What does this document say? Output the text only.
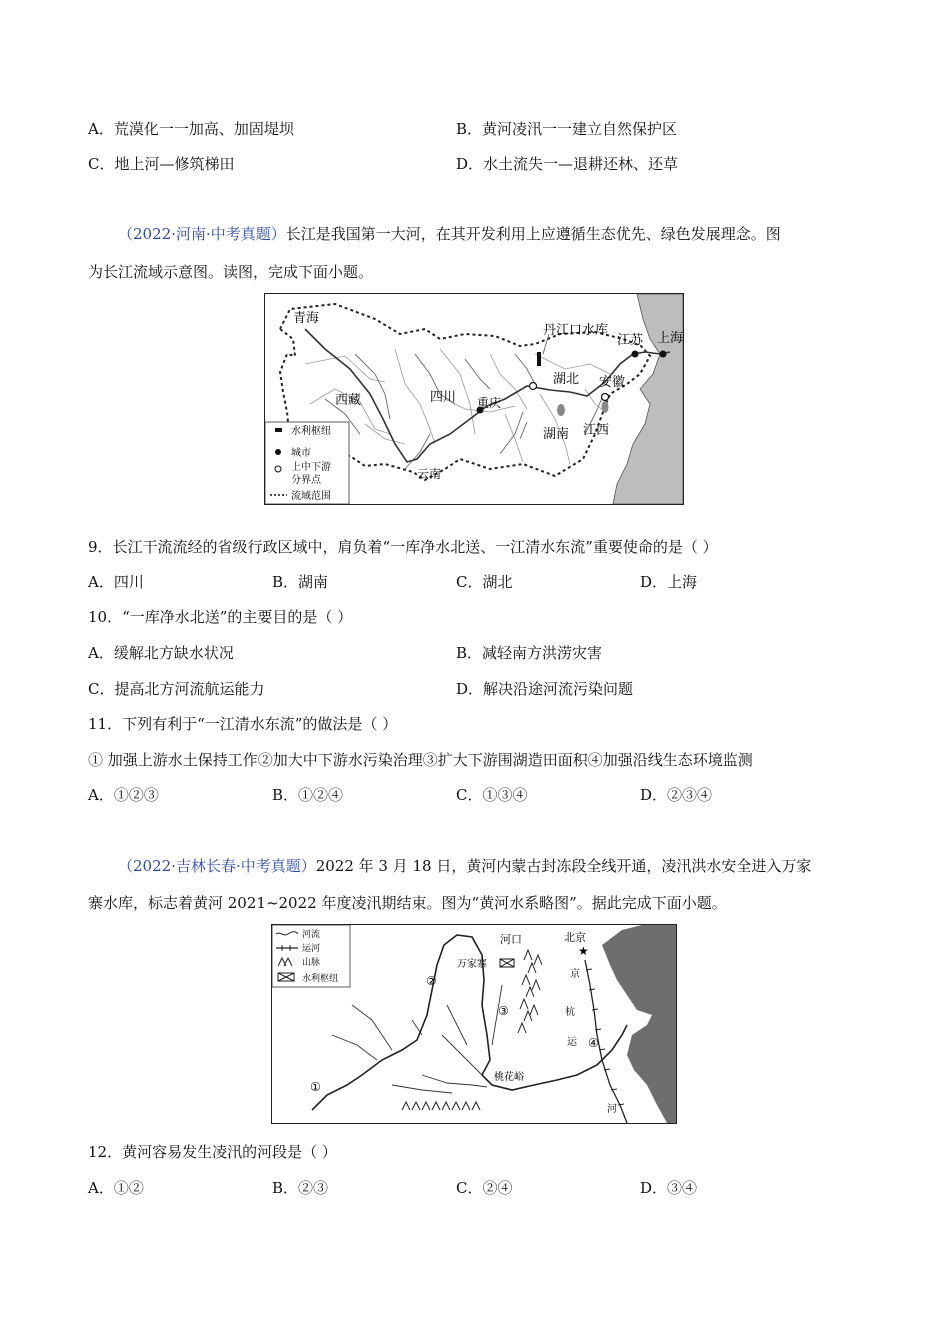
A．荒漠化一一加高、加固堤坝	B．黄河凌汛一一建立自然保护区
C．地上河—修筑梯田	D．水土流失一—退耕还林、还草
（2022·河南·中考真题）长江是我国第一大河，在其开发利用上应遵循生态优先、绿色发展理念。图
为长江流域示意图。读图，完成下面小题。
青海
西藏	四川 重庆
云南
湖北
湖南 江西
安徽
江苏 上海
丹江口水库
水利枢纽
城市
上中下游
分界点
流域范围
9．长江干流流经的省级行政区域中，肩负着“一库净水北送、一江清水东流”重要使命的是（ ）
A．四川	B．湖南	C．湖北	D．上海
10．“一库净水北送”的主要目的是（ ）
A．缓解北方缺水状况	B．减轻南方洪涝灾害
C．提高北方河流航运能力	D．解决沿途河流污染问题
11．下列有利于“一江清水东流”的做法是（ ）
① 加强上游水土保持工作②加大中下游水污染治理③扩大下游围湖造田面积④加强沿线生态环境监测
A．①②③	B．①②④	C．①③④	D．②③④
（2022·吉林长春·中考真题）2022 年 3 月 18 日，黄河内蒙古封冻段全线开通，凌汛洪水安全进入万家
寨水库，标志着黄河 2021~2022 年度凌汛期结束。图为“黄河水系略图”。据此完成下面小题。
★
河口
万家寨
北京
桃花峪
京
杭
运
河
①
②
③
④
河流
运河
山脉
水利枢纽
12．黄河容易发生凌汛的河段是（ ）
A．①②	B．②③	C．②④	D．③④
